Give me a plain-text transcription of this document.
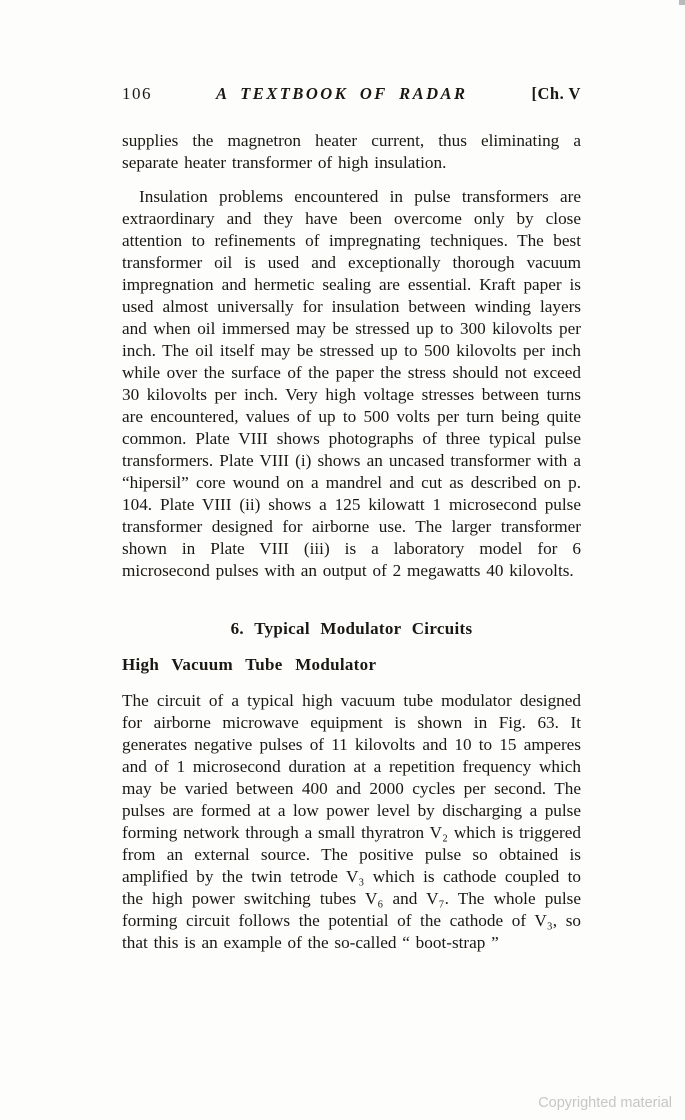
106	A TEXTBOOK OF RADAR	[Ch. V

supplies the magnetron heater current, thus eliminating a separate heater transformer of high insulation.

Insulation problems encountered in pulse transformers are extraordinary and they have been overcome only by close attention to refinements of impregnating techniques. The best transformer oil is used and exceptionally thorough vacuum impregnation and hermetic sealing are essential. Kraft paper is used almost universally for insulation between winding layers and when oil immersed may be stressed up to 300 kilovolts per inch. The oil itself may be stressed up to 500 kilovolts per inch while over the surface of the paper the stress should not exceed 30 kilovolts per inch. Very high voltage stresses between turns are encountered, values of up to 500 volts per turn being quite common. Plate VIII shows photographs of three typical pulse transformers. Plate VIII (i) shows an uncased transformer with a “hipersil” core wound on a mandrel and cut as described on p. 104. Plate VIII (ii) shows a 125 kilowatt 1 microsecond pulse transformer designed for airborne use. The larger transformer shown in Plate VIII (iii) is a laboratory model for 6 microsecond pulses with an output of 2 megawatts 40 kilovolts.

6. Typical Modulator Circuits
High Vacuum Tube Modulator

The circuit of a typical high vacuum tube modulator designed for airborne microwave equipment is shown in Fig. 63. It generates negative pulses of 11 kilovolts and 10 to 15 amperes and of 1 microsecond duration at a repetition frequency which may be varied between 400 and 2000 cycles per second. The pulses are formed at a low power level by discharging a pulse forming network through a small thyratron V₂ which is triggered from an external source. The positive pulse so obtained is amplified by the twin tetrode V₃ which is cathode coupled to the high power switching tubes V₆ and V₇. The whole pulse forming circuit follows the potential of the cathode of V₃, so that this is an example of the so-called “ boot-strap ”

Copyrighted material
